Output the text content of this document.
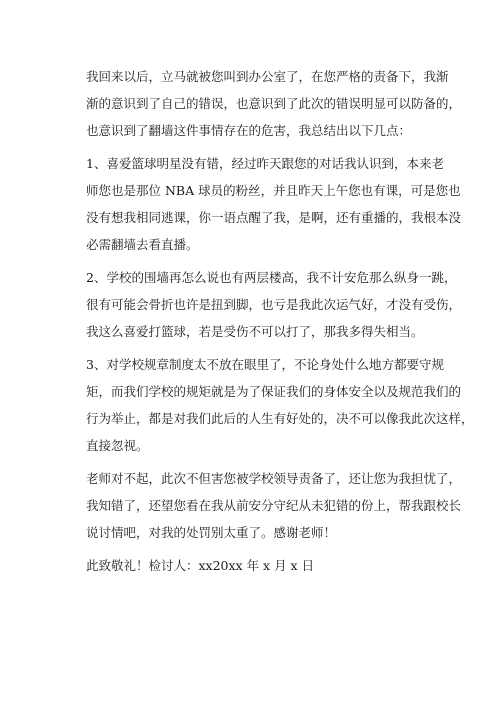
我回来以后，立马就被您叫到办公室了，在您严格的责备下，我渐
渐的意识到了自己的错误，也意识到了此次的错误明显可以防备的，
也意识到了翻墙这件事情存在的危害，我总结出以下几点：

1、喜爱篮球明星没有错，经过昨天跟您的对话我认识到，本来老
师您也是那位 NBA 球员的粉丝，并且昨天上午您也有课，可是您也
没有想我相同逃课，你一语点醒了我，是啊，还有重播的，我根本没
必需翻墙去看直播。

2、学校的围墙再怎么说也有两层楼高，我不计安危那么纵身一跳，
很有可能会骨折也许是扭到脚，也亏是我此次运气好，才没有受伤，
我这么喜爱打篮球，若是受伤不可以打了，那我多得失相当。

3、对学校规章制度太不放在眼里了，不论身处什么地方都要守规
矩，而我们学校的规矩就是为了保证我们的身体安全以及规范我们的
行为举止，都是对我们此后的人生有好处的，决不可以像我此次这样，
直接忽视。

老师对不起，此次不但害您被学校领导责备了，还让您为我担忧了，
我知错了，还望您看在我从前安分守纪从未犯错的份上，帮我跟校长
说讨情吧，对我的处罚别太重了。感谢老师！

此致敬礼！检讨人：xx20xx 年 x 月 x 日
